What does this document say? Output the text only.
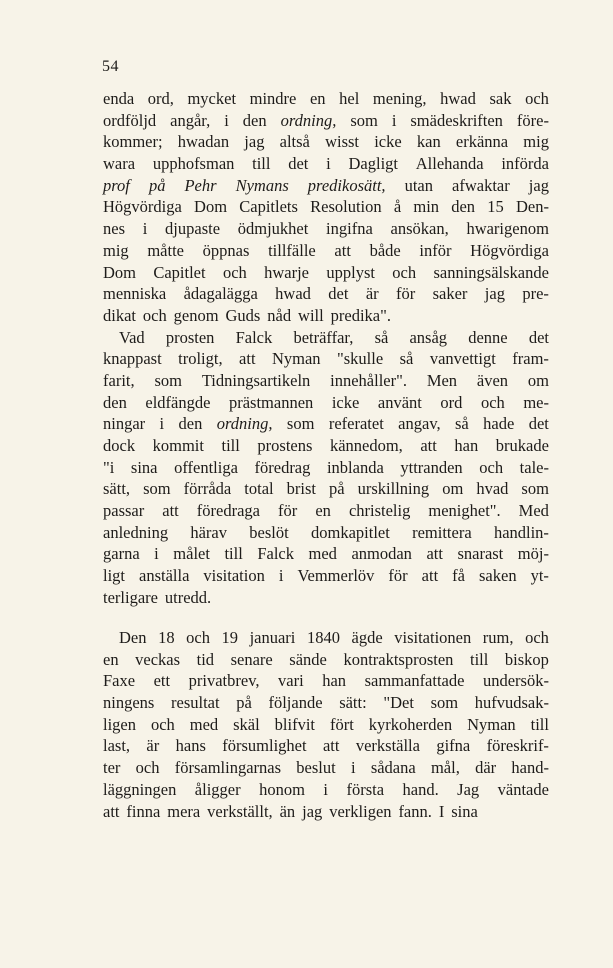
54
enda ord, mycket mindre en hel mening, hwad sak och
ordföljd angår, i den ordning, som i smädeskriften före-
kommer; hwadan jag altså wisst icke kan erkänna mig
wara upphofsman till det i Dagligt Allehanda införda
prof på Pehr Nymans predikosätt, utan afwaktar jag
Högvördiga Dom Capitlets Resolution å min den 15 Den-
nes i djupaste ödmjukhet ingifna ansökan, hwarigenom
mig måtte öppnas tillfälle att både inför Högvördiga
Dom Capitlet och hwarje upplyst och sanningsälskande
menniska ådagalägga hwad det är för saker jag pre-
dikat och genom Guds nåd will predika".
Vad prosten Falck beträffar, så ansåg denne det
knappast troligt, att Nyman "skulle så vanvettigt fram-
farit, som Tidningsartikeln innehåller". Men även om
den eldfängde prästmannen icke använt ord och me-
ningar i den ordning, som referatet angav, så hade det
dock kommit till prostens kännedom, att han brukade
"i sina offentliga föredrag inblanda yttranden och tale-
sätt, som förråda total brist på urskillning om hvad som
passar att föredraga för en christelig menighet". Med
anledning härav beslöt domkapitlet remittera handlin-
garna i målet till Falck med anmodan att snarast möj-
ligt anställa visitation i Vemmerlöv för att få saken yt-
terligare utredd.
Den 18 och 19 januari 1840 ägde visitationen rum, och
en veckas tid senare sände kontraktsprosten till biskop
Faxe ett privatbrev, vari han sammanfattade undersök-
ningens resultat på följande sätt: "Det som hufvudsak-
ligen och med skäl blifvit fört kyrkoherden Nyman till
last, är hans försumlighet att verkställa gifna föreskrif-
ter och församlingarnas beslut i sådana mål, där hand-
läggningen åligger honom i första hand. Jag väntade
att finna mera verkställt, än jag verkligen fann. I sina
